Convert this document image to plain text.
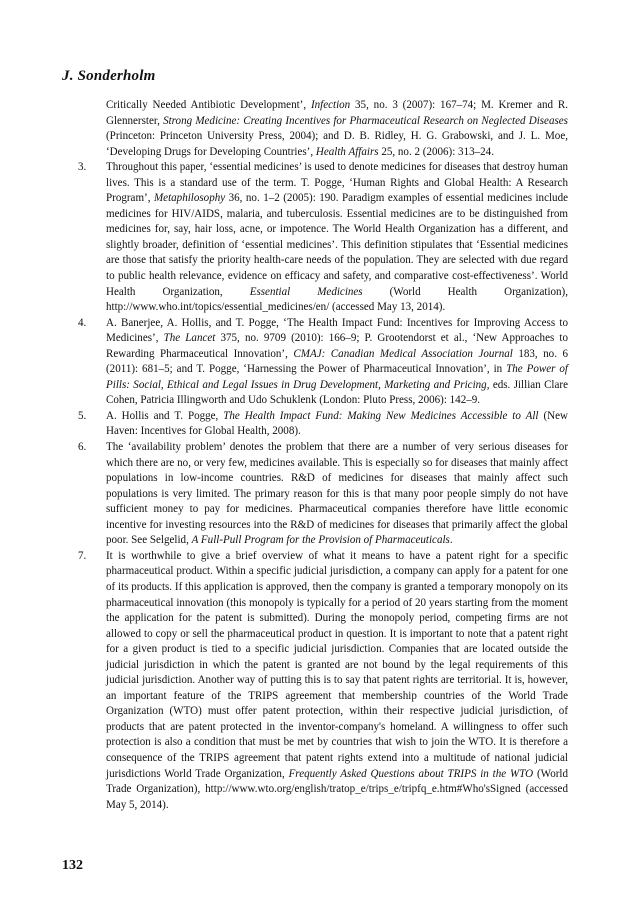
J. Sonderholm
Critically Needed Antibiotic Development’, Infection 35, no. 3 (2007): 167–74; M. Kremer and R. Glennerster, Strong Medicine: Creating Incentives for Pharmaceutical Research on Neglected Diseases (Princeton: Princeton University Press, 2004); and D. B. Ridley, H. G. Grabowski, and J. L. Moe, ‘Developing Drugs for Developing Countries’, Health Affairs 25, no. 2 (2006): 313–24.
3. Throughout this paper, ‘essential medicines’ is used to denote medicines for diseases that destroy human lives. This is a standard use of the term. T. Pogge, ‘Human Rights and Global Health: A Research Program’, Metaphilosophy 36, no. 1–2 (2005): 190. Paradigm examples of essential medicines include medicines for HIV/AIDS, malaria, and tuberculosis. Essential medicines are to be distinguished from medicines for, say, hair loss, acne, or impotence. The World Health Organization has a different, and slightly broader, definition of ‘essential medicines’. This definition stipulates that ‘Essential medicines are those that satisfy the priority health-care needs of the population. They are selected with due regard to public health relevance, evidence on efficacy and safety, and comparative cost-effectiveness’. World Health Organization, Essential Medicines (World Health Organization), http://www.who.int/topics/essential_medicines/en/ (accessed May 13, 2014).
4. A. Banerjee, A. Hollis, and T. Pogge, ‘The Health Impact Fund: Incentives for Improving Access to Medicines’, The Lancet 375, no. 9709 (2010): 166–9; P. Grootendorst et al., ‘New Approaches to Rewarding Pharmaceutical Innovation’, CMAJ: Canadian Medical Association Journal 183, no. 6 (2011): 681–5; and T. Pogge, ‘Harnessing the Power of Pharmaceutical Innovation’, in The Power of Pills: Social, Ethical and Legal Issues in Drug Development, Marketing and Pricing, eds. Jillian Clare Cohen, Patricia Illingworth and Udo Schuklenk (London: Pluto Press, 2006): 142–9.
5. A. Hollis and T. Pogge, The Health Impact Fund: Making New Medicines Accessible to All (New Haven: Incentives for Global Health, 2008).
6. The ‘availability problem’ denotes the problem that there are a number of very serious diseases for which there are no, or very few, medicines available. This is especially so for diseases that mainly affect populations in low-income countries. R&D of medicines for diseases that mainly affect such populations is very limited. The primary reason for this is that many poor people simply do not have sufficient money to pay for medicines. Pharmaceutical companies therefore have little economic incentive for investing resources into the R&D of medicines for diseases that primarily affect the global poor. See Selgelid, A Full-Pull Program for the Provision of Pharmaceuticals.
7. It is worthwhile to give a brief overview of what it means to have a patent right for a specific pharmaceutical product. Within a specific judicial jurisdiction, a company can apply for a patent for one of its products. If this application is approved, then the company is granted a temporary monopoly on its pharmaceutical innovation (this monopoly is typically for a period of 20 years starting from the moment the application for the patent is submitted). During the monopoly period, competing firms are not allowed to copy or sell the pharmaceutical product in question. It is important to note that a patent right for a given product is tied to a specific judicial jurisdiction. Companies that are located outside the judicial jurisdiction in which the patent is granted are not bound by the legal requirements of this judicial jurisdiction. Another way of putting this is to say that patent rights are territorial. It is, however, an important feature of the TRIPS agreement that membership countries of the World Trade Organization (WTO) must offer patent protection, within their respective judicial jurisdiction, of products that are patent protected in the inventor-company's homeland. A willingness to offer such protection is also a condition that must be met by countries that wish to join the WTO. It is therefore a consequence of the TRIPS agreement that patent rights extend into a multitude of national judicial jurisdictions World Trade Organization, Frequently Asked Questions about TRIPS in the WTO (World Trade Organization), http://www.wto.org/english/tratop_e/trips_e/tripfq_e.htm#Who'sSigned (accessed May 5, 2014).
132
